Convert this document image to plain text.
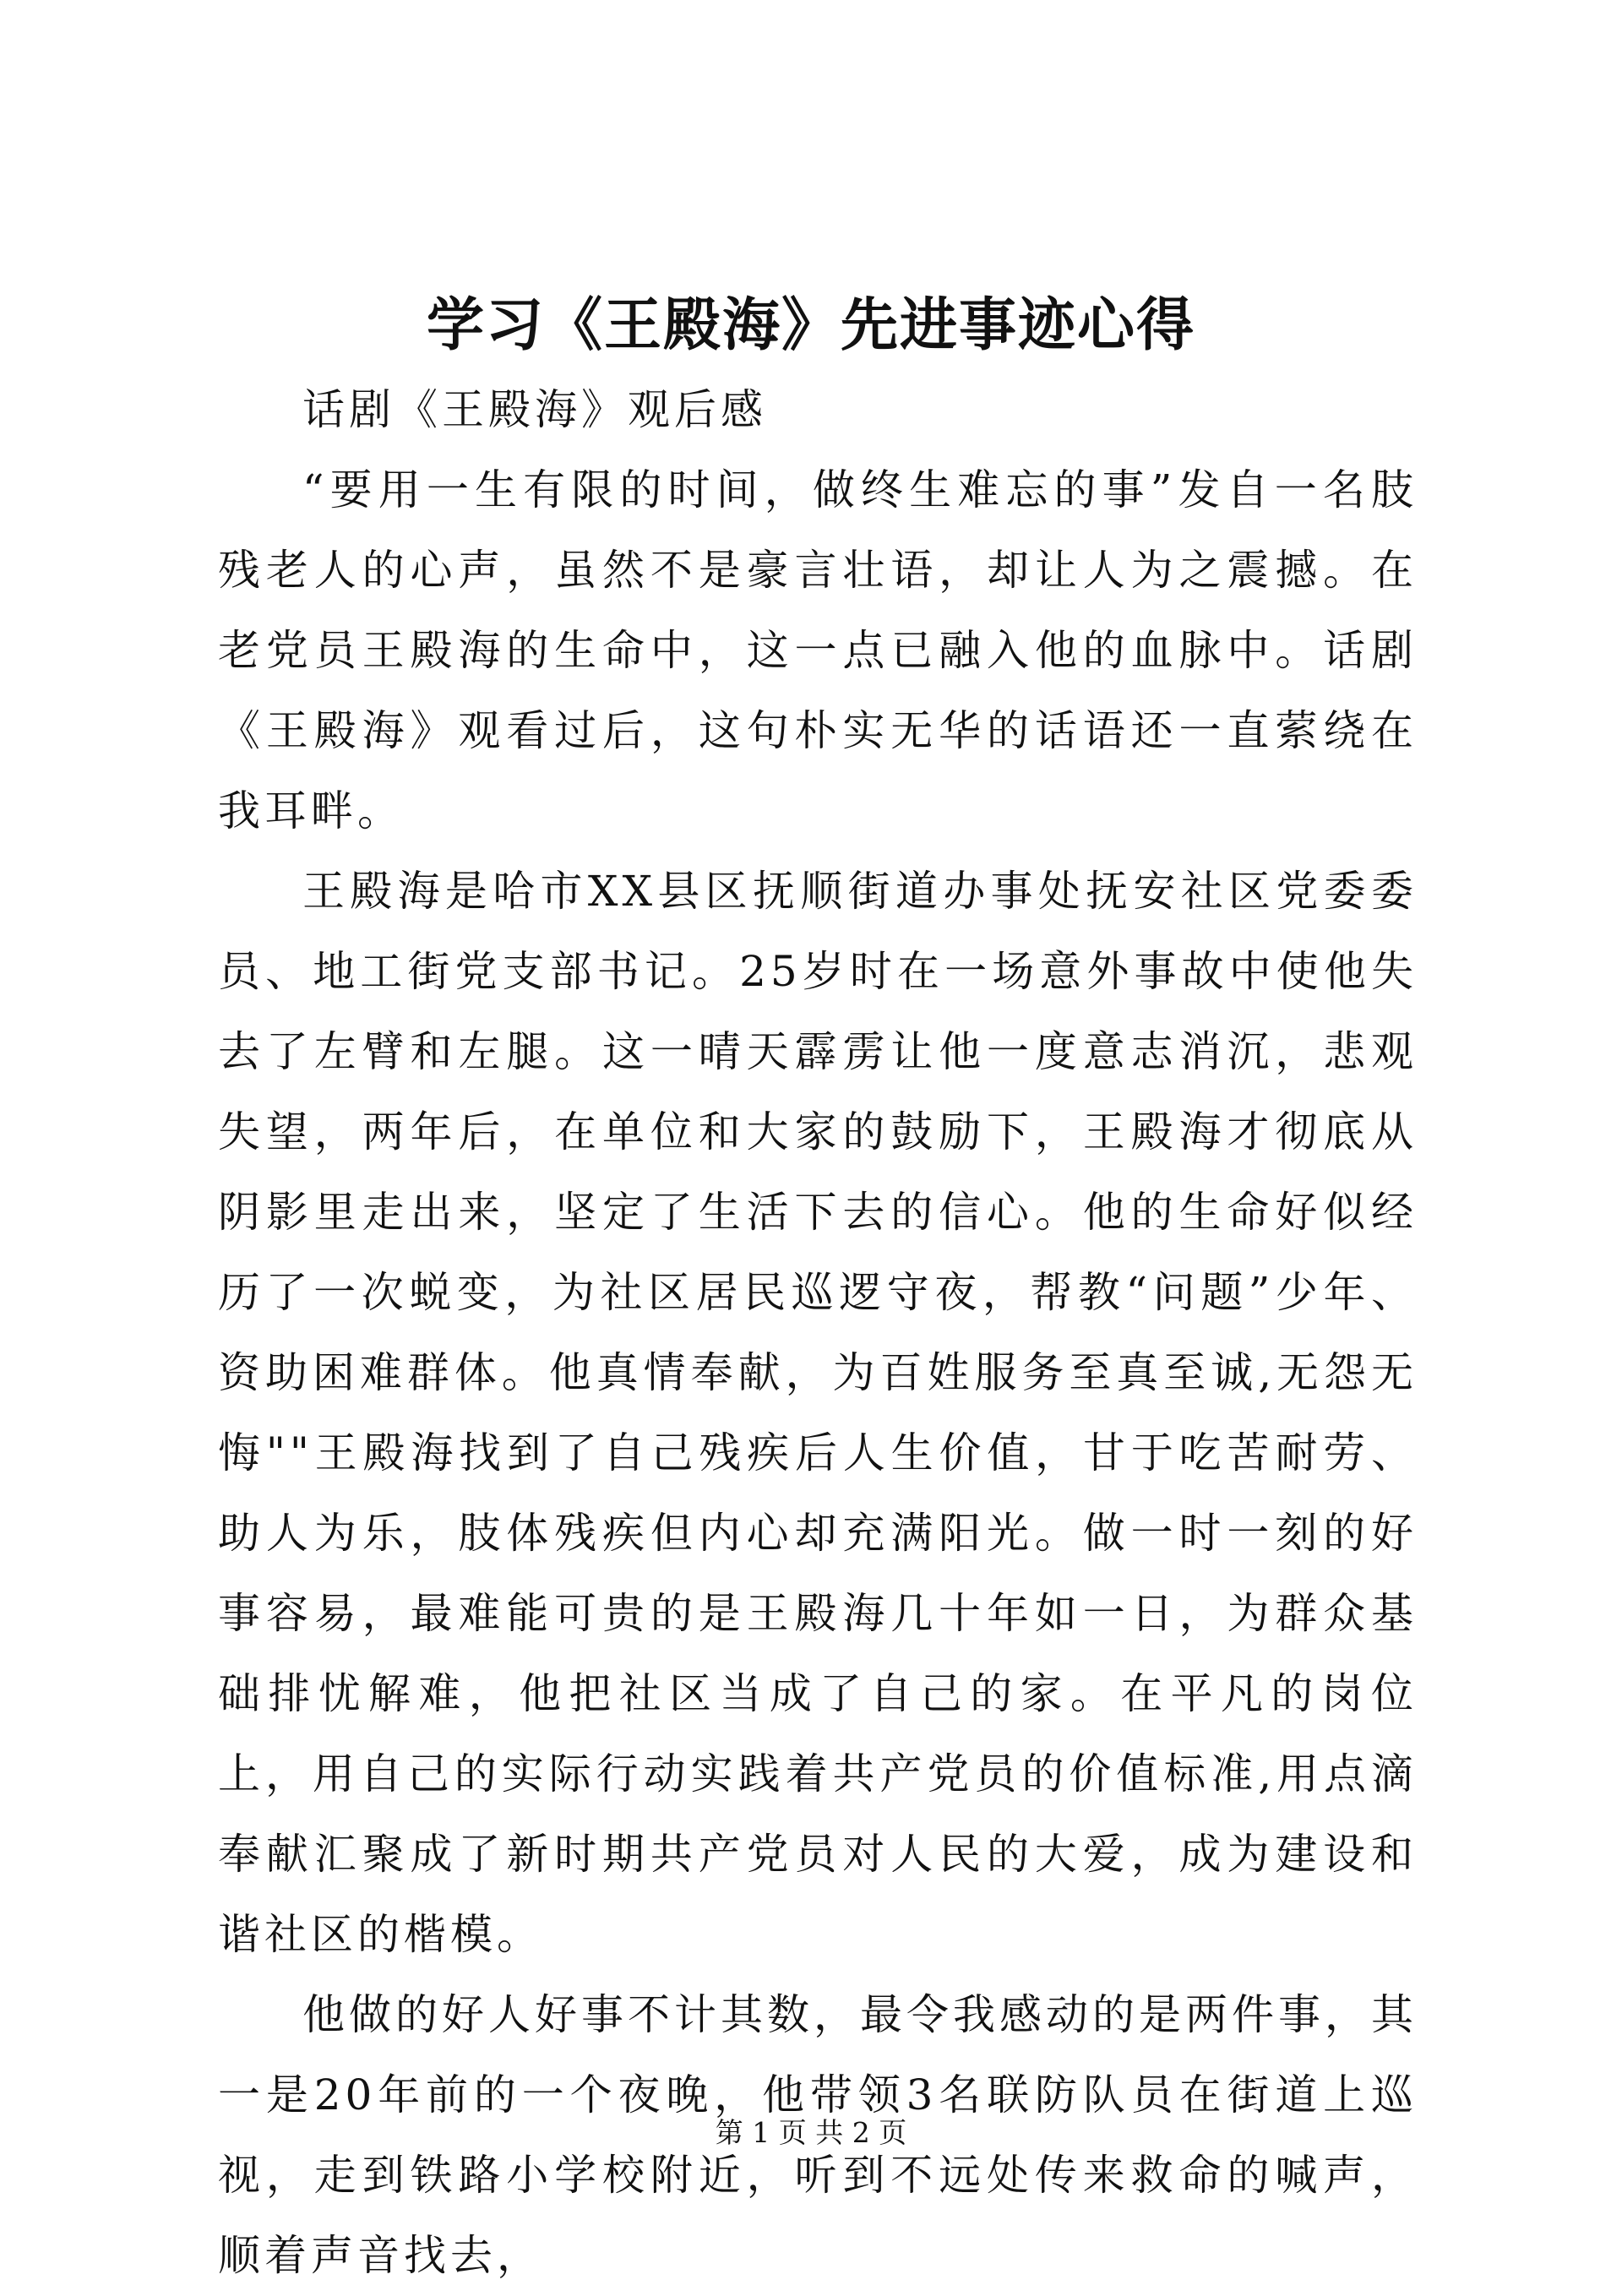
学习《王殿海》先进事迹心得

话剧《王殿海》观后感

“要用一生有限的时间，做终生难忘的事”发自一名肢残老人的心声，虽然不是豪言壮语，却让人为之震撼。在老党员王殿海的生命中，这一点已融入他的血脉中。话剧《王殿海》观看过后，这句朴实无华的话语还一直萦绕在我耳畔。

王殿海是哈市XX县区抚顺街道办事处抚安社区党委委员、地工街党支部书记。25岁时在一场意外事故中使他失去了左臂和左腿。这一晴天霹雳让他一度意志消沉，悲观失望，两年后，在单位和大家的鼓励下，王殿海才彻底从阴影里走出来，坚定了生活下去的信心。他的生命好似经历了一次蜕变，为社区居民巡逻守夜，帮教“问题”少年、资助困难群体。他真情奉献，为百姓服务至真至诚,无怨无悔""王殿海找到了自己残疾后人生价值，甘于吃苦耐劳、助人为乐，肢体残疾但内心却充满阳光。做一时一刻的好事容易，最难能可贵的是王殿海几十年如一日，为群众基础排忧解难，他把社区当成了自己的家。在平凡的岗位上，用自己的实际行动实践着共产党员的价值标准,用点滴奉献汇聚成了新时期共产党员对人民的大爱，成为建设和谐社区的楷模。

他做的好人好事不计其数，最令我感动的是两件事，其一是20年前的一个夜晚，他带领3名联防队员在街道上巡视，走到铁路小学校附近，听到不远处传来救命的喊声，顺着声音找去，

第 1 页 共 2 页
